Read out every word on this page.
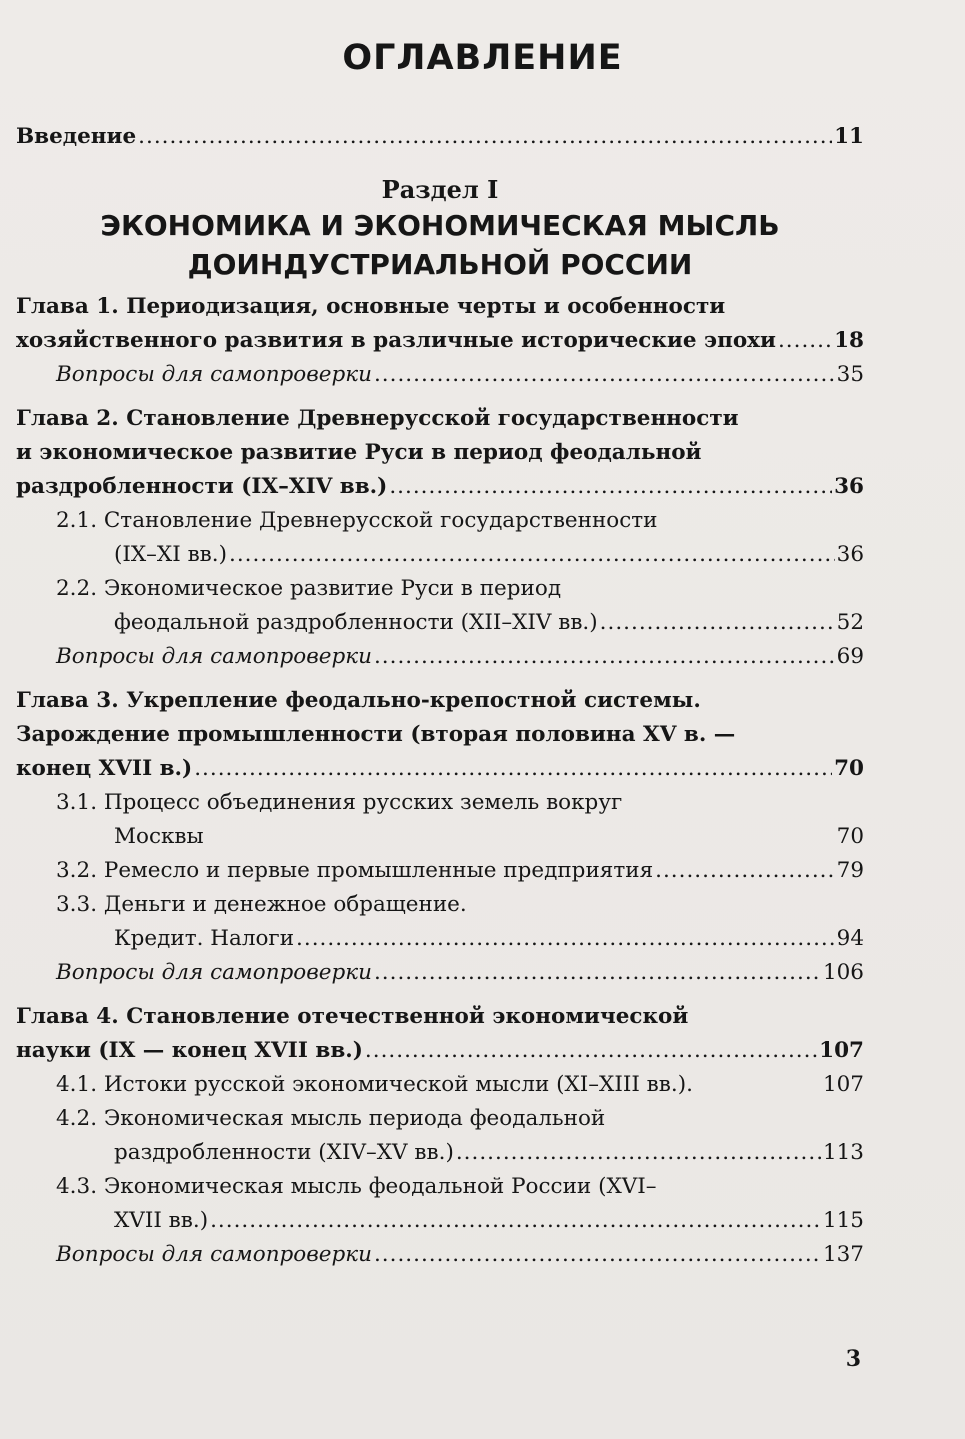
ОГЛАВЛЕНИЕ
Введение .....	11
Раздел I
ЭКОНОМИКА И ЭКОНОМИЧЕСКАЯ МЫСЛЬ
ДОИНДУСТРИАЛЬНОЙ РОССИИ
Глава 1. Периодизация, основные черты и особенности
хозяйственного развития в различные исторические эпохи .....	18
Вопросы для самопроверки .....	35
Глава 2. Становление Древнерусской государственности
и экономическое развитие Руси в период феодальной
раздробленности (IX–XIV вв.) .....	36
2.1. Становление Древнерусской государственности
(IX–XI вв.) .....	36
2.2. Экономическое развитие Руси в период
феодальной раздробленности (XII–XIV вв.) .....	52
Вопросы для самопроверки .....	69
Глава 3. Укрепление феодально-крепостной системы.
Зарождение промышленности (вторая половина XV в. —
конец XVII в.) .....	70
3.1. Процесс объединения русских земель вокруг
Москвы	70
3.2. Ремесло и первые промышленные предприятия .....	79
3.3. Деньги и денежное обращение.
Кредит. Налоги .....	94
Вопросы для самопроверки .....	106
Глава 4. Становление отечественной экономической
науки (IX — конец XVII вв.) .....	107
4.1. Истоки русской экономической мысли (XI–XIII вв.).	107
4.2. Экономическая мысль периода феодальной
раздробленности (XIV–XV вв.) .....	113
4.3. Экономическая мысль феодальной России (XVI–
XVII вв.) .....	115
Вопросы для самопроверки .....	137
3
